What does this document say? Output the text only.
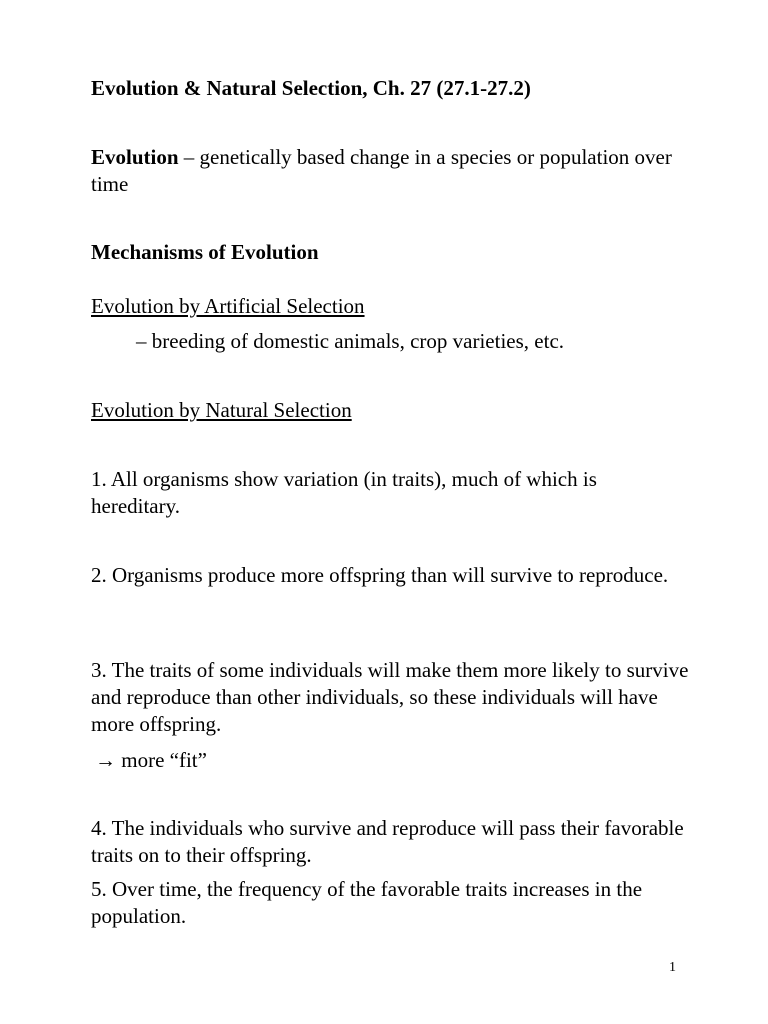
Evolution & Natural Selection, Ch. 27 (27.1-27.2)

Evolution – genetically based change in a species or population over time

Mechanisms of Evolution
Evolution by Artificial Selection
– breeding of domestic animals, crop varieties, etc.
Evolution by Natural Selection

1. All organisms show variation (in traits), much of which is hereditary.

2. Organisms produce more offspring than will survive to reproduce.

3. The traits of some individuals will make them more likely to survive and reproduce than other individuals, so these individuals will have more offspring.

→ more “fit”

4. The individuals who survive and reproduce will pass their favorable traits on to their offspring.

5. Over time, the frequency of the favorable traits increases in the population.

1
